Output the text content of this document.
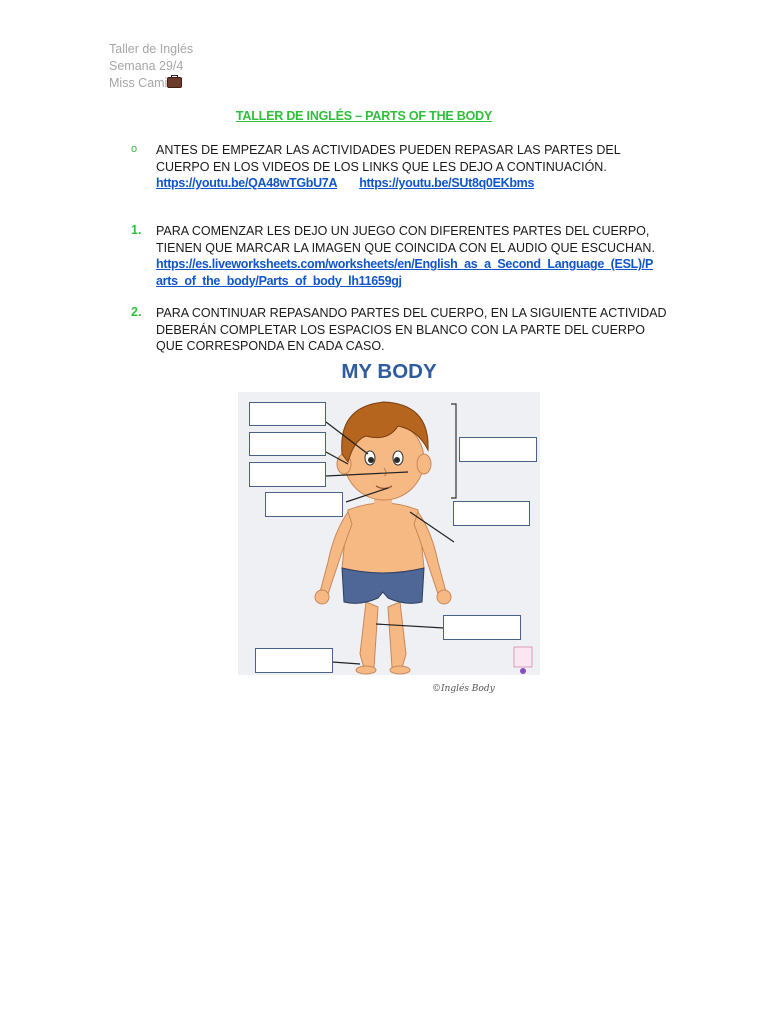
Taller de Inglés
Semana 29/4
Miss Cami
TALLER DE INGLÉS – PARTS OF THE BODY
o ANTES DE EMPEZAR LAS ACTIVIDADES PUEDEN REPASAR LAS PARTES DEL CUERPO EN LOS VIDEOS DE LOS LINKS QUE LES DEJO A CONTINUACIÓN.
https://youtu.be/QA48wTGbU7A https://youtu.be/SUt8q0EKbms
1. PARA COMENZAR LES DEJO UN JUEGO CON DIFERENTES PARTES DEL CUERPO, TIENEN QUE MARCAR LA IMAGEN QUE COINCIDA CON EL AUDIO QUE ESCUCHAN.
https://es.liveworksheets.com/worksheets/en/English_as_a_Second_Language_(ESL)/P
arts_of_the_body/Parts_of_body_lh11659gj
2. PARA CONTINUAR REPASANDO PARTES DEL CUERPO, EN LA SIGUIENTE ACTIVIDAD DEBERÁN COMPLETAR LOS ESPACIOS EN BLANCO CON LA PARTE DEL CUERPO QUE CORRESPONDA EN CADA CASO.
MY BODY
©Inglés Body
